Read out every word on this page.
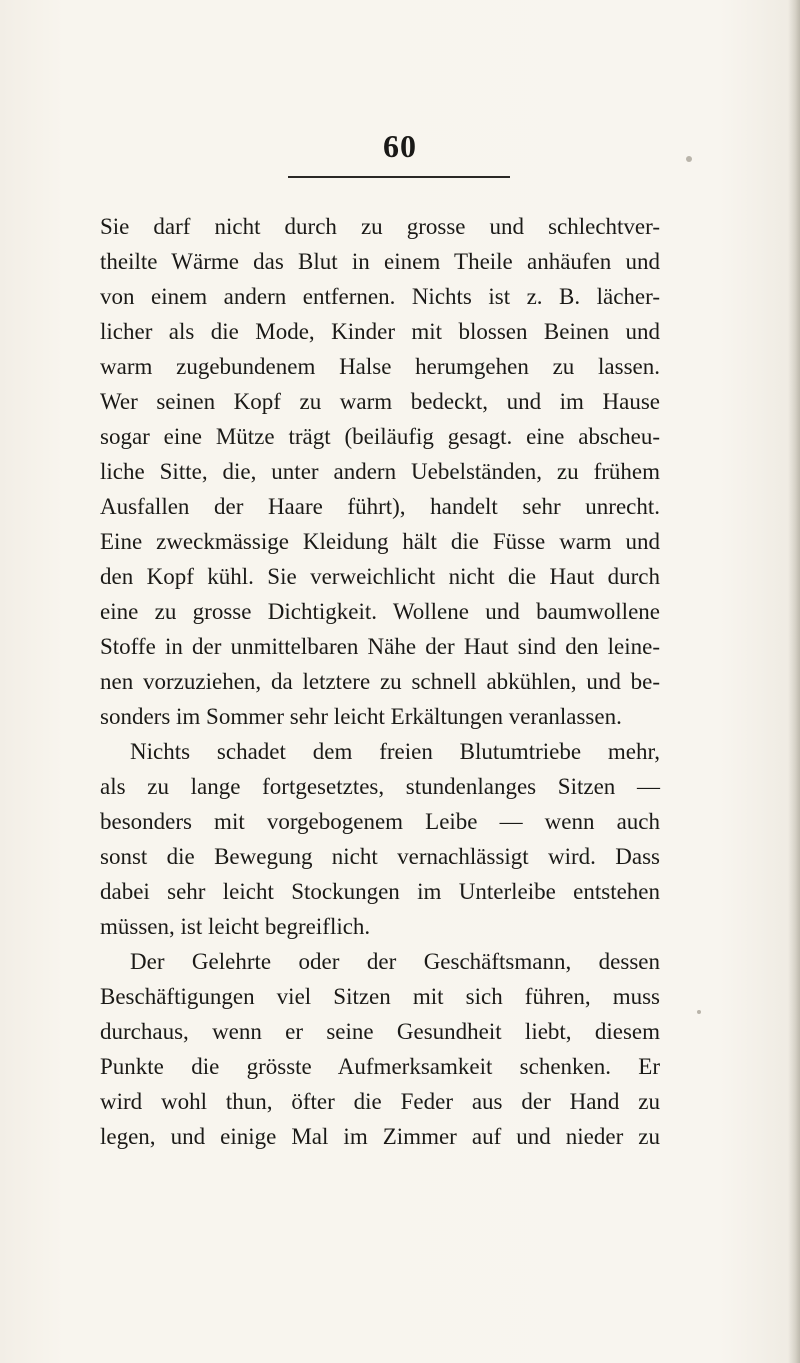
60
Sie darf nicht durch zu grosse und schlechtver-
theilte Wärme das Blut in einem Theile anhäufen und
von einem andern entfernen. Nichts ist z. B. lächer-
licher als die Mode, Kinder mit blossen Beinen und
warm zugebundenem Halse herumgehen zu lassen.
Wer seinen Kopf zu warm bedeckt, und im Hause
sogar eine Mütze trägt (beiläufig gesagt. eine abscheu-
liche Sitte, die, unter andern Uebelständen, zu frühem
Ausfallen der Haare führt), handelt sehr unrecht.
Eine zweckmässige Kleidung hält die Füsse warm und
den Kopf kühl. Sie verweichlicht nicht die Haut durch
eine zu grosse Dichtigkeit. Wollene und baumwollene
Stoffe in der unmittelbaren Nähe der Haut sind den leine-
nen vorzuziehen, da letztere zu schnell abkühlen, und be-
sonders im Sommer sehr leicht Erkältungen veranlassen.
Nichts schadet dem freien Blutumtriebe mehr,
als zu lange fortgesetztes, stundenlanges Sitzen —
besonders mit vorgebogenem Leibe — wenn auch
sonst die Bewegung nicht vernachlässigt wird. Dass
dabei sehr leicht Stockungen im Unterleibe entstehen
müssen, ist leicht begreiflich.
Der Gelehrte oder der Geschäftsmann, dessen
Beschäftigungen viel Sitzen mit sich führen, muss
durchaus, wenn er seine Gesundheit liebt, diesem
Punkte die grösste Aufmerksamkeit schenken. Er
wird wohl thun, öfter die Feder aus der Hand zu
legen, und einige Mal im Zimmer auf und nieder zu
